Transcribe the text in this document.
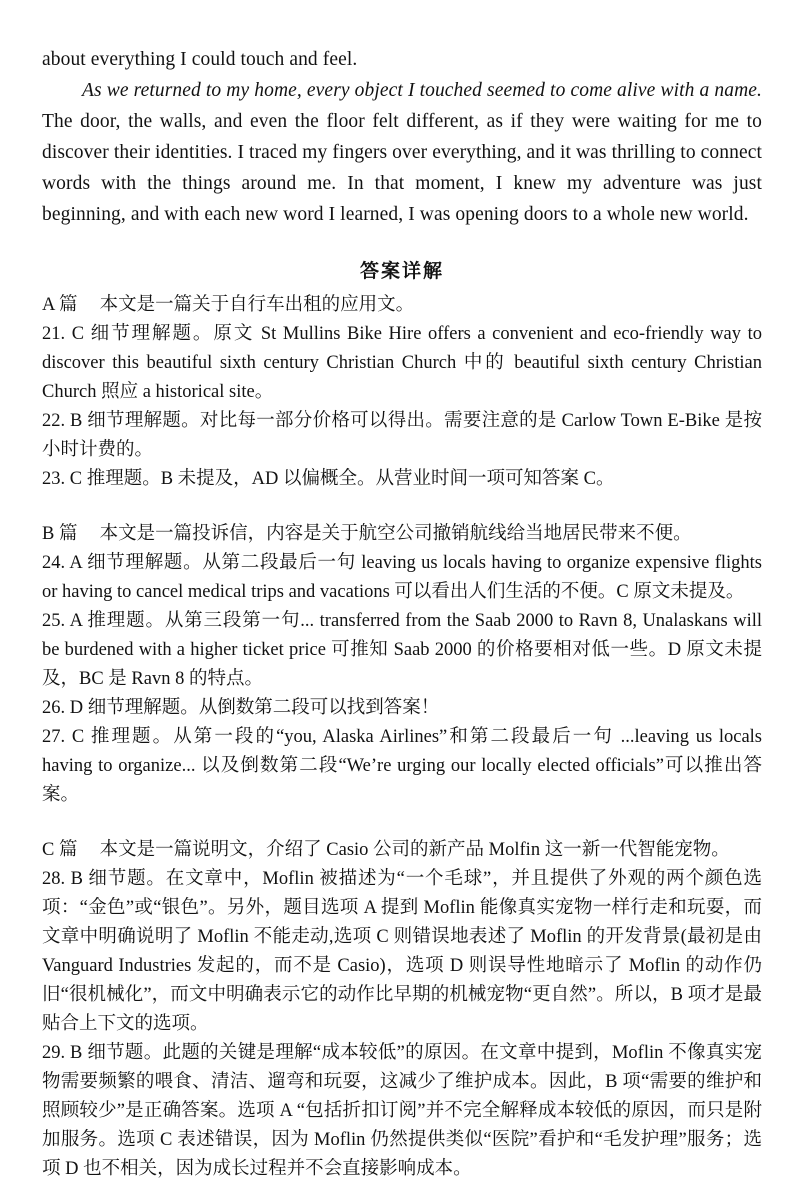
about everything I could touch and feel.

As we returned to my home, every object I touched seemed to come alive with a name. The door, the walls, and even the floor felt different, as if they were waiting for me to discover their identities. I traced my fingers over everything, and it was thrilling to connect words with the things around me. In that moment, I knew my adventure was just beginning, and with each new word I learned, I was opening doors to a whole new world.

答案详解

A 篇 本文是一篇关于自行车出租的应用文。

21. C 细节理解题。原文 St Mullins Bike Hire offers a convenient and eco-friendly way to discover this beautiful sixth century Christian Church 中的 beautiful sixth century Christian Church 照应 a historical site。

22. B 细节理解题。对比每一部分价格可以得出。需要注意的是 Carlow Town E-Bike 是按小时计费的。

23. C 推理题。B 未提及，AD 以偏概全。从营业时间一项可知答案 C。

B 篇 本文是一篇投诉信，内容是关于航空公司撤销航线给当地居民带来不便。

24. A 细节理解题。从第二段最后一句 leaving us locals having to organize expensive flights or having to cancel medical trips and vacations 可以看出人们生活的不便。C 原文未提及。

25. A 推理题。从第三段第一句... transferred from the Saab 2000 to Ravn 8, Unalaskans will be burdened with a higher ticket price 可推知 Saab 2000 的价格要相对低一些。D 原文未提及，BC 是 Ravn 8 的特点。

26. D 细节理解题。从倒数第二段可以找到答案！

27. C 推理题。从第一段的“you, Alaska Airlines”和第二段最后一句 ...leaving us locals having to organize... 以及倒数第二段“We’re urging our locally elected officials”可以推出答案。

C 篇 本文是一篇说明文，介绍了 Casio 公司的新产品 Molfin 这一新一代智能宠物。

28. B 细节题。在文章中，Moflin 被描述为“一个毛球”，并且提供了外观的两个颜色选项：“金色”或“银色”。另外，题目选项 A 提到 Moflin 能像真实宠物一样行走和玩耍，而文章中明确说明了 Moflin 不能走动,选项 C 则错误地表述了 Moflin 的开发背景(最初是由 Vanguard Industries 发起的，而不是 Casio)，选项 D 则误导性地暗示了 Moflin 的动作仍旧“很机械化”，而文中明确表示它的动作比早期的机械宠物“更自然”。所以，B 项才是最贴合上下文的选项。

29. B 细节题。此题的关键是理解“成本较低”的原因。在文章中提到，Moflin 不像真实宠物需要频繁的喂食、清洁、遛弯和玩耍，这减少了维护成本。因此，B 项“需要的维护和照顾较少”是正确答案。选项 A “包括折扣订阅”并不完全解释成本较低的原因，而只是附加服务。选项 C 表述错误，因为 Moflin 仍然提供类似“医院”看护和“毛发护理”服务；选项 D 也不相关，因为成长过程并不会直接影响成本。
